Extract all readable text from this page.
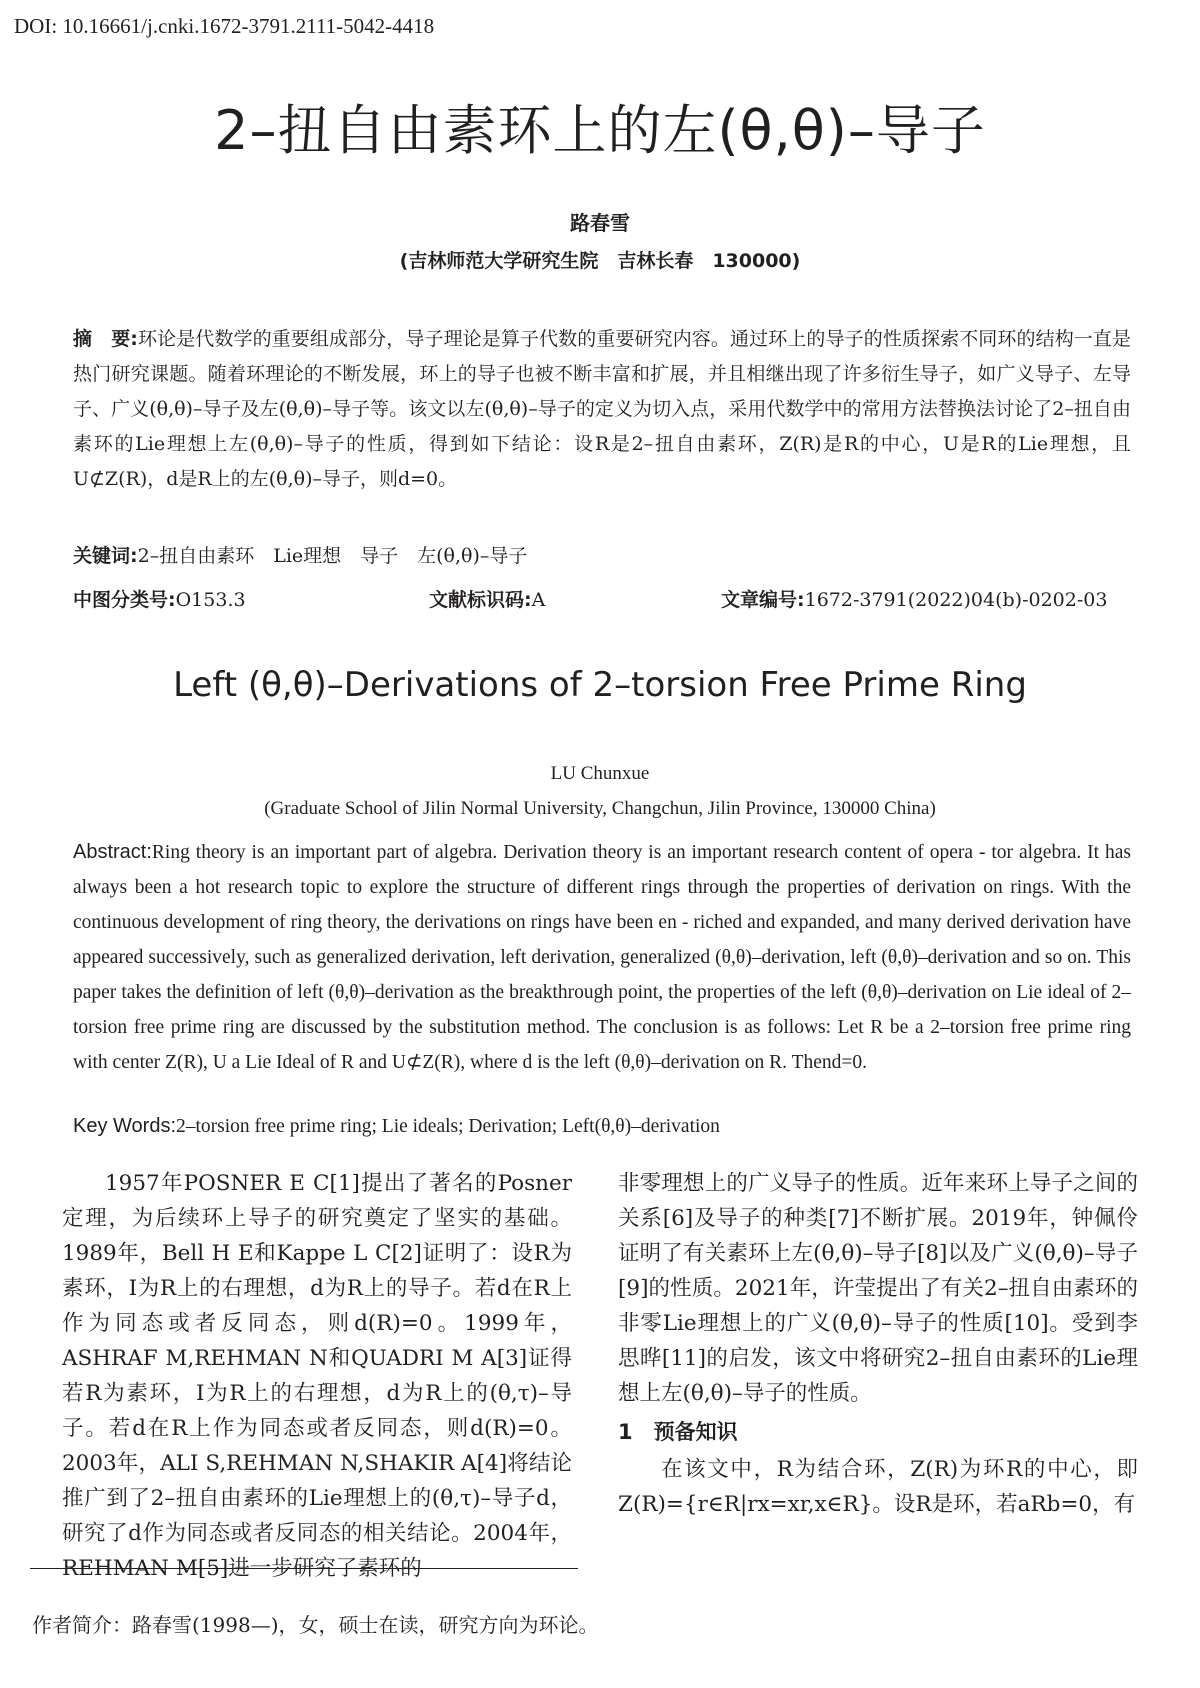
DOI: 10.16661/j.cnki.1672-3791.2111-5042-4418
2–扭自由素环上的左(θ,θ)–导子
路春雪
(吉林师范大学研究生院　吉林长春　130000)
摘　要:环论是代数学的重要组成部分，导子理论是算子代数的重要研究内容。通过环上的导子的性质探索不同环的结构一直是热门研究课题。随着环理论的不断发展，环上的导子也被不断丰富和扩展，并且相继出现了许多衍生导子，如广义导子、左导子、广义(θ,θ)–导子及左(θ,θ)–导子等。该文以左(θ,θ)–导子的定义为切入点，采用代数学中的常用方法替换法讨论了2–扭自由素环的Lie理想上左(θ,θ)–导子的性质，得到如下结论：设R是2–扭自由素环，Z(R)是R的中心，U是R的Lie理想，且U⊄Z(R)，d是R上的左(θ,θ)–导子，则d=0。
关键词:2–扭自由素环　Lie理想　导子　左(θ,θ)–导子
中图分类号:O153.3	文献标识码:A	文章编号:1672-3791(2022)04(b)-0202-03
Left (θ,θ)–Derivations of 2–torsion Free Prime Ring
LU Chunxue
(Graduate School of Jilin Normal University, Changchun, Jilin Province, 130000 China)
Abstract:Ring theory is an important part of algebra. Derivation theory is an important research content of opera - tor algebra. It has always been a hot research topic to explore the structure of different rings through the properties of derivation on rings. With the continuous development of ring theory, the derivations on rings have been en - riched and expanded, and many derived derivation have appeared successively, such as generalized derivation, left derivation, generalized (θ,θ)–derivation, left (θ,θ)–derivation and so on. This paper takes the definition of left (θ,θ)–derivation as the breakthrough point, the properties of the left (θ,θ)–derivation on Lie ideal of 2–torsion free prime ring are discussed by the substitution method. The conclusion is as follows: Let R be a 2–torsion free prime ring with center Z(R), U a Lie Ideal of R and U⊄Z(R), where d is the left (θ,θ)–derivation on R. Thend=0.
Key Words:2–torsion free prime ring; Lie ideals; Derivation; Left(θ,θ)–derivation

1957年POSNER E C[1]提出了著名的Posner定理，为后续环上导子的研究奠定了坚实的基础。1989年，Bell H E和Kappe L C[2]证明了：设R为素环，I为R上的右理想，d为R上的导子。若d在R上作为同态或者反同态，则d(R)=0。1999年，ASHRAF M,REHMAN N和QUADRI M A[3]证得若R为素环，I为R上的右理想，d为R上的(θ,τ)–导子。若d在R上作为同态或者反同态，则d(R)=0。2003年，ALI S,REHMAN N,SHAKIR A[4]将结论推广到了2–扭自由素环的Lie理想上的(θ,τ)–导子d，研究了d作为同态或者反同态的相关结论。2004年，REHMAN M[5]进一步研究了素环的

非零理想上的广义导子的性质。近年来环上导子之间的关系[6]及导子的种类[7]不断扩展。2019年，钟佩伶证明了有关素环上左(θ,θ)–导子[8]以及广义(θ,θ)–导子[9]的性质。2021年，许莹提出了有关2–扭自由素环的非零Lie理想上的广义(θ,θ)–导子的性质[10]。受到李思晔[11]的启发，该文中将研究2–扭自由素环的Lie理想上左(θ,θ)–导子的性质。

1　预备知识

在该文中，R为结合环，Z(R)为环R的中心，即Z(R)={r∈R|rx=xr,x∈R}。设R是环，若aRb=0，有

作者简介：路春雪(1998—)，女，硕士在读，研究方向为环论。
